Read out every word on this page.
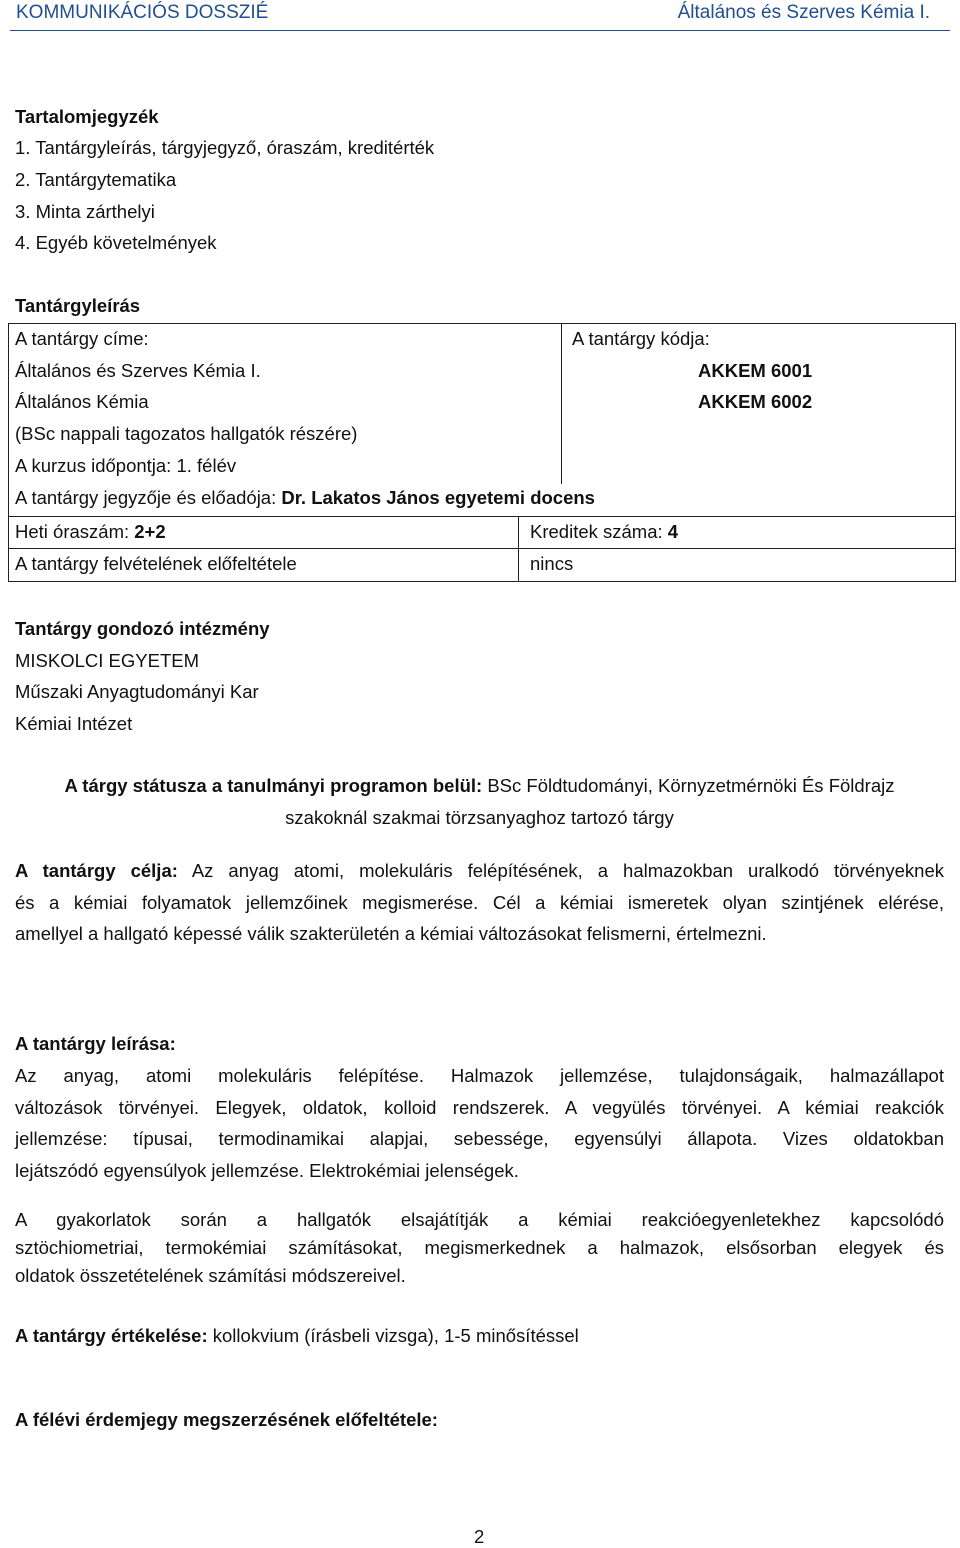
KOMMUNIKÁCIÓS DOSSZIÉ	Általános és Szerves Kémia I.
Tartalomjegyzék
1. Tantárgyleírás, tárgyjegyző, óraszám, kreditérték
2. Tantárgytematika
3. Minta zárthelyi
4. Egyéb követelmények
Tantárgyleírás
A tantárgy címe:
Általános és Szerves Kémia I.
Általános Kémia
(BSc nappali tagozatos hallgatók részére)
A kurzus időpontja: 1. félév
A tantárgy jegyzője és előadója: Dr. Lakatos János egyetemi docens
A tantárgy kódja:
AKKEM 6001
AKKEM 6002
Heti óraszám: 2+2	Kreditek száma: 4
A tantárgy felvételének előfeltétele	nincs
Tantárgy gondozó intézmény
MISKOLCI EGYETEM
Műszaki Anyagtudományi Kar
Kémiai Intézet
A tárgy státusza a tanulmányi programon belül: BSc Földtudományi, Környzetmérnöki És Földrajz
szakoknál szakmai törzsanyaghoz tartozó tárgy
A tantárgy célja: Az anyag atomi, molekuláris felépítésének, a halmazokban uralkodó törvényeknek
és a kémiai folyamatok jellemzőinek megismerése. Cél a kémiai ismeretek olyan szintjének elérése,
amellyel a hallgató képessé válik szakterületén a kémiai változásokat felismerni, értelmezni.
A tantárgy leírása:
Az anyag, atomi molekuláris felépítése. Halmazok jellemzése, tulajdonságaik, halmazállapot
változások törvényei. Elegyek, oldatok, kolloid rendszerek. A vegyülés törvényei. A kémiai reakciók
jellemzése: típusai, termodinamikai alapjai, sebessége, egyensúlyi állapota. Vizes oldatokban
lejátszódó egyensúlyok jellemzése. Elektrokémiai jelenségek.
A gyakorlatok során a hallgatók elsajátítják a kémiai reakcióegyenletekhez kapcsolódó
sztöchiometriai, termokémiai számításokat, megismerkednek a halmazok, elsősorban elegyek és
oldatok összetételének számítási módszereivel.
A tantárgy értékelése: kollokvium (írásbeli vizsga), 1-5 minősítéssel
A félévi érdemjegy megszerzésének előfeltétele:
2
